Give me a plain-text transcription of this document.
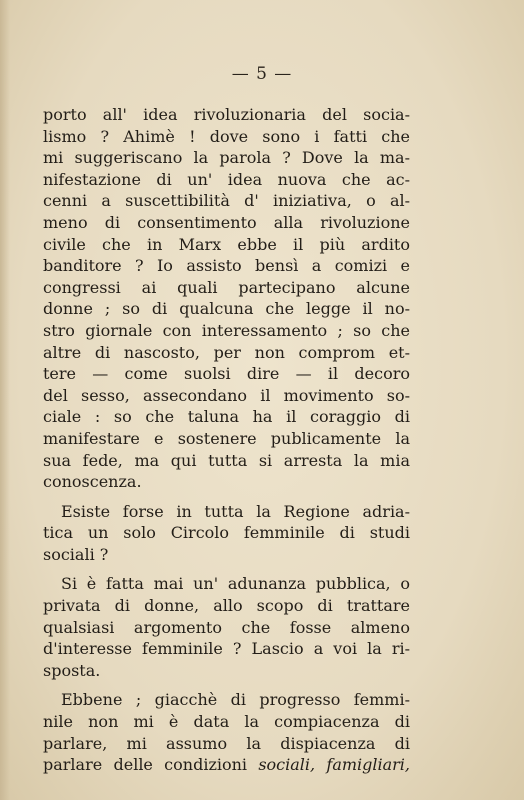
— 5 —

porto all' idea rivoluzionaria del socia-
lismo ? Ahimè ! dove sono i fatti che
mi suggeriscano la parola ? Dove la ma-
nifestazione di un' idea nuova che ac-
cenni a suscettibilità d' iniziativa, o al-
meno di consentimento alla rivoluzione
civile che in Marx ebbe il più ardito
banditore ? Io assisto bensì a comizi e
congressi ai quali partecipano alcune
donne ; so di qualcuna che legge il no-
stro giornale con interessamento ; so che
altre di nascosto, per non comprom et-
tere — come suolsi dire — il decoro
del sesso, assecondano il movimento so-
ciale : so che taluna ha il coraggio di
manifestare e sostenere publicamente la
sua fede, ma qui tutta si arresta la mia
conoscenza.

Esiste forse in tutta la Regione adria-
tica un solo Circolo femminile di studi
sociali ?

Si è fatta mai un' adunanza pubblica, o
privata di donne, allo scopo di trattare
qualsiasi argomento che fosse almeno
d'interesse femminile ? Lascio a voi la ri-
sposta.

Ebbene ; giacchè di progresso femmi-
nile non mi è data la compiacenza di
parlare, mi assumo la dispiacenza di
parlare delle condizioni sociali, famigliari,
